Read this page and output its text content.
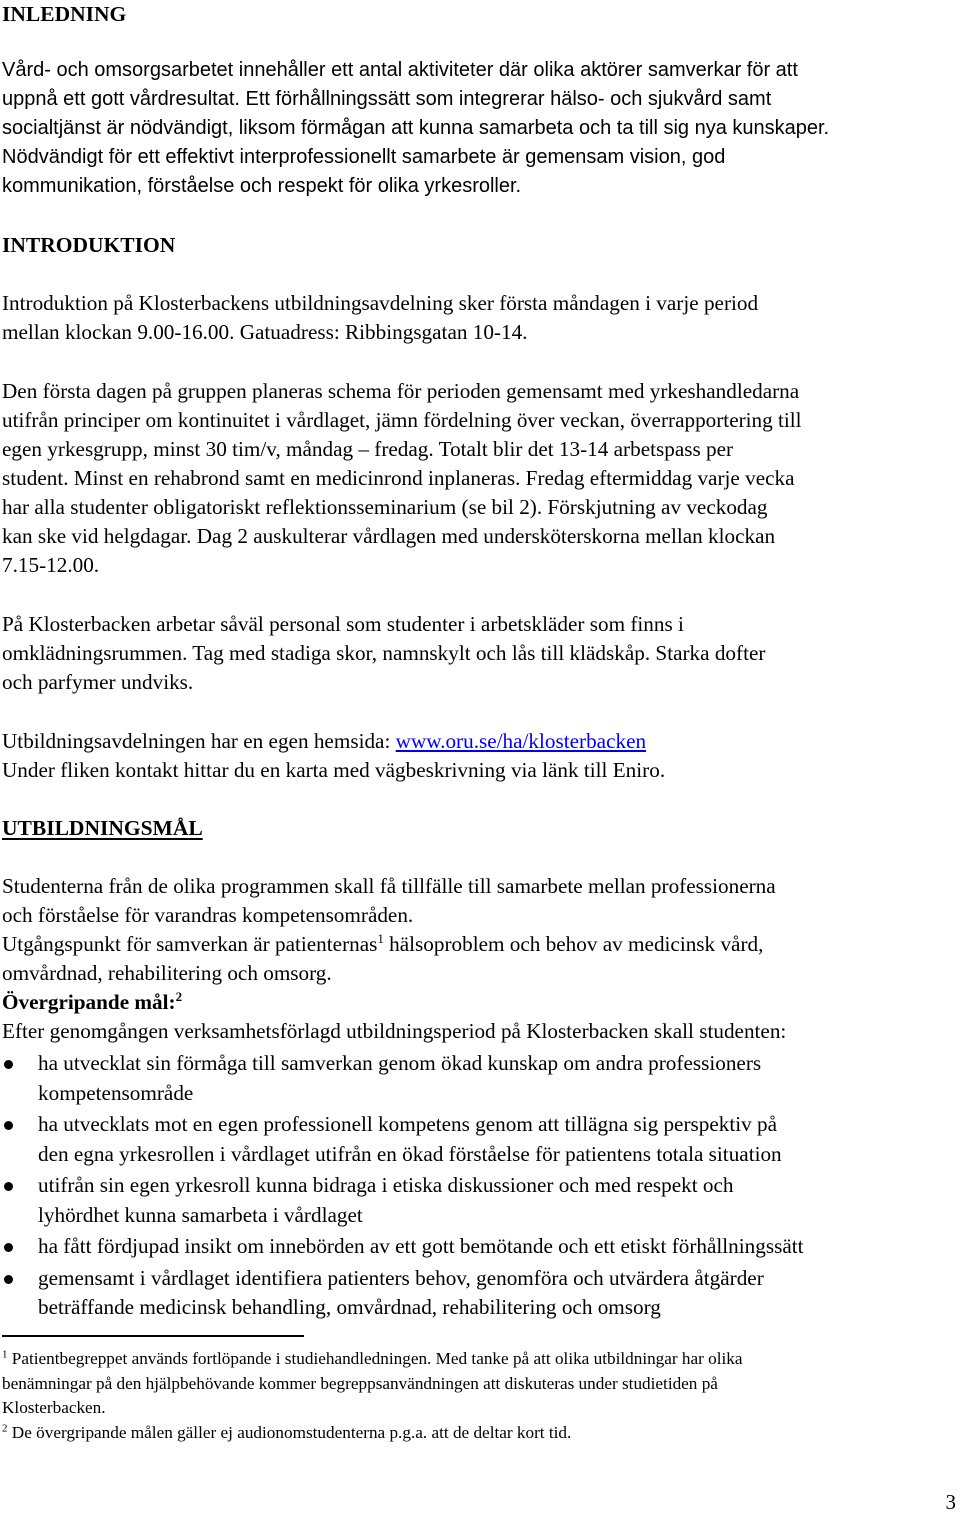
INLEDNING

Vård- och omsorgsarbetet innehåller ett antal aktiviteter där olika aktörer samverkar för att
uppnå ett gott vårdresultat. Ett förhållningssätt som integrerar hälso- och sjukvård samt
socialtjänst är nödvändigt, liksom förmågan att kunna samarbeta och ta till sig nya kunskaper.
Nödvändigt för ett effektivt interprofessionellt samarbete är gemensam vision, god
kommunikation, förståelse och respekt för olika yrkesroller.

INTRODUKTION

Introduktion på Klosterbackens utbildningsavdelning sker första måndagen i varje period
mellan klockan 9.00-16.00. Gatuadress: Ribbingsgatan 10-14.

Den första dagen på gruppen planeras schema för perioden gemensamt med yrkeshandledarna
utifrån principer om kontinuitet i vårdlaget, jämn fördelning över veckan, överrapportering till
egen yrkesgrupp, minst 30 tim/v, måndag – fredag. Totalt blir det 13-14 arbetspass per
student. Minst en rehabrond samt en medicinrond inplaneras. Fredag eftermiddag varje vecka
har alla studenter obligatoriskt reflektionsseminarium (se bil 2). Förskjutning av veckodag
kan ske vid helgdagar. Dag 2 auskulterar vårdlagen med undersköterskorna mellan klockan
7.15-12.00.

På Klosterbacken arbetar såväl personal som studenter i arbetskläder som finns i
omklädningsrummen. Tag med stadiga skor, namnskylt och lås till klädskåp. Starka dofter
och parfymer undviks.

Utbildningsavdelningen har en egen hemsida: www.oru.se/ha/klosterbacken
Under fliken kontakt hittar du en karta med vägbeskrivning via länk till Eniro.

UTBILDNINGSMÅL

Studenterna från de olika programmen skall få tillfälle till samarbete mellan professionerna
och förståelse för varandras kompetensområden.

Utgångspunkt för samverkan är patienternas$^1$ hälsoproblem och behov av medicinsk vård,
omvårdnad, rehabilitering och omsorg.

Övergripande mål:$^2$
Efter genomgången verksamhetsförlagd utbildningsperiod på Klosterbacken skall studenten:

ha utvecklat sin förmåga till samverkan genom ökad kunskap om andra professioners
kompetensområde
ha utvecklats mot en egen professionell kompetens genom att tillägna sig perspektiv på
den egna yrkesrollen i vårdlaget utifrån en ökad förståelse för patientens totala situation
utifrån sin egen yrkesroll kunna bidraga i etiska diskussioner och med respekt och
lyhördhet kunna samarbeta i vårdlaget
ha fått fördjupad insikt om innebörden av ett gott bemötande och ett etiskt förhållningssätt
gemensamt i vårdlaget identifiera patienters behov, genomföra och utvärdera åtgärder
beträffande medicinsk behandling, omvårdnad, rehabilitering och omsorg
$^1$ Patientbegreppet används fortlöpande i studiehandledningen. Med tanke på att olika utbildningar har olika
benämningar på den hjälpbehövande kommer begreppsanvändningen att diskuteras under studietiden på
Klosterbacken.
$^2$ De övergripande målen gäller ej audionomstudenterna p.g.a. att de deltar kort tid.
3
